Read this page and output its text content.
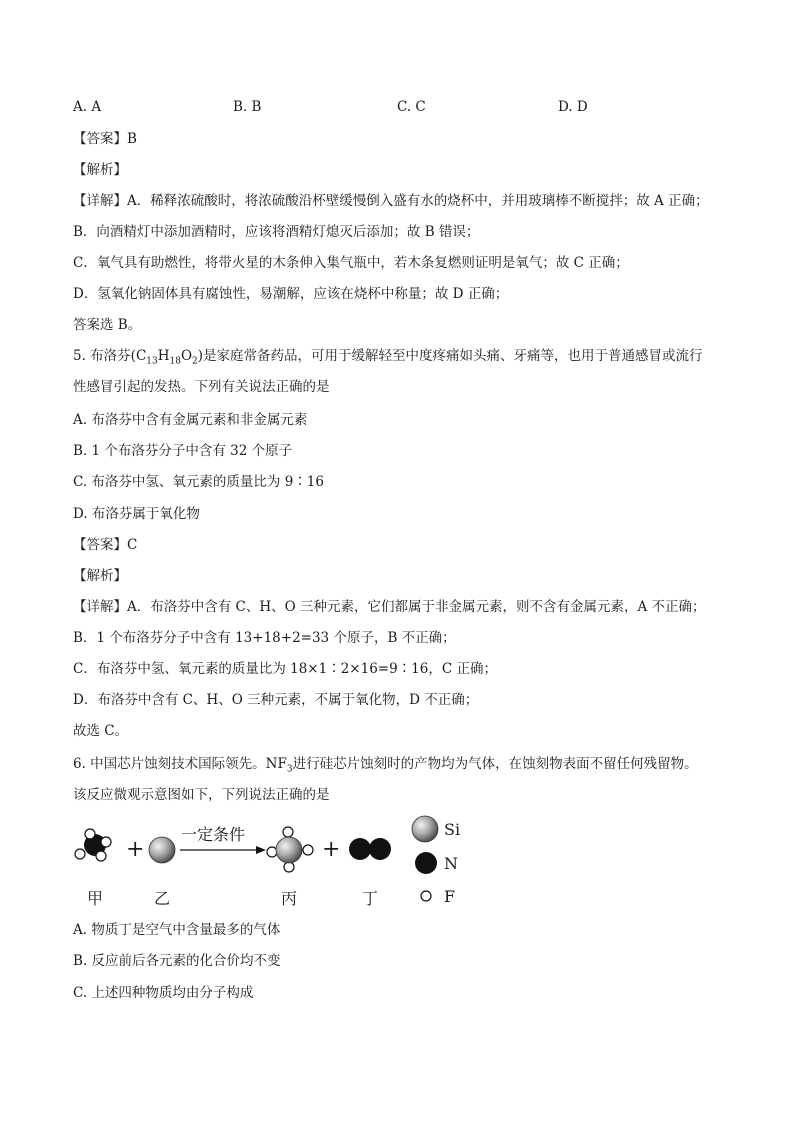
A. A	B. B	C. C	D. D
【答案】B
【解析】
【详解】A．稀释浓硫酸时，将浓硫酸沿杯壁缓慢倒入盛有水的烧杯中，并用玻璃棒不断搅拌；故 A 正确；
B．向酒精灯中添加酒精时，应该将酒精灯熄灭后添加；故 B 错误；
C．氧气具有助燃性，将带火星的木条伸入集气瓶中，若木条复燃则证明是氧气；故 C 正确；
D．氢氧化钠固体具有腐蚀性，易潮解，应该在烧杯中称量；故 D 正确；
答案选 B。
5. 布洛芬$(C_{13}H_{18}O_2)$是家庭常备药品，可用于缓解轻至中度疼痛如头痛、牙痛等，也用于普通感冒或流行
性感冒引起的发热。下列有关说法正确的是
A. 布洛芬中含有金属元素和非金属元素
B. 1 个布洛芬分子中含有 32 个原子
C. 布洛芬中氢、氧元素的质量比为 9∶16
D. 布洛芬属于氧化物
【答案】C
【解析】
【详解】A．布洛芬中含有 C、H、O 三种元素，它们都属于非金属元素，则不含有金属元素，A 不正确；
B．1 个布洛芬分子中含有 13+18+2=33 个原子，B 不正确；
C．布洛芬中氢、氧元素的质量比为 18×1∶2×16=9∶16，C 正确；
D．布洛芬中含有 C、H、O 三种元素，不属于氧化物，D 不正确；
故选 C。
6. 中国芯片蚀刻技术国际领先。$NF_3$进行硅芯片蚀刻时的产物均为气体，在蚀刻物表面不留任何残留物。
该反应微观示意图如下，下列说法正确的是
+
一定条件
+
Si
N
F
甲	乙	丙	丁
A. 物质丁是空气中含量最多的气体
B. 反应前后各元素的化合价均不变
C. 上述四种物质均由分子构成
